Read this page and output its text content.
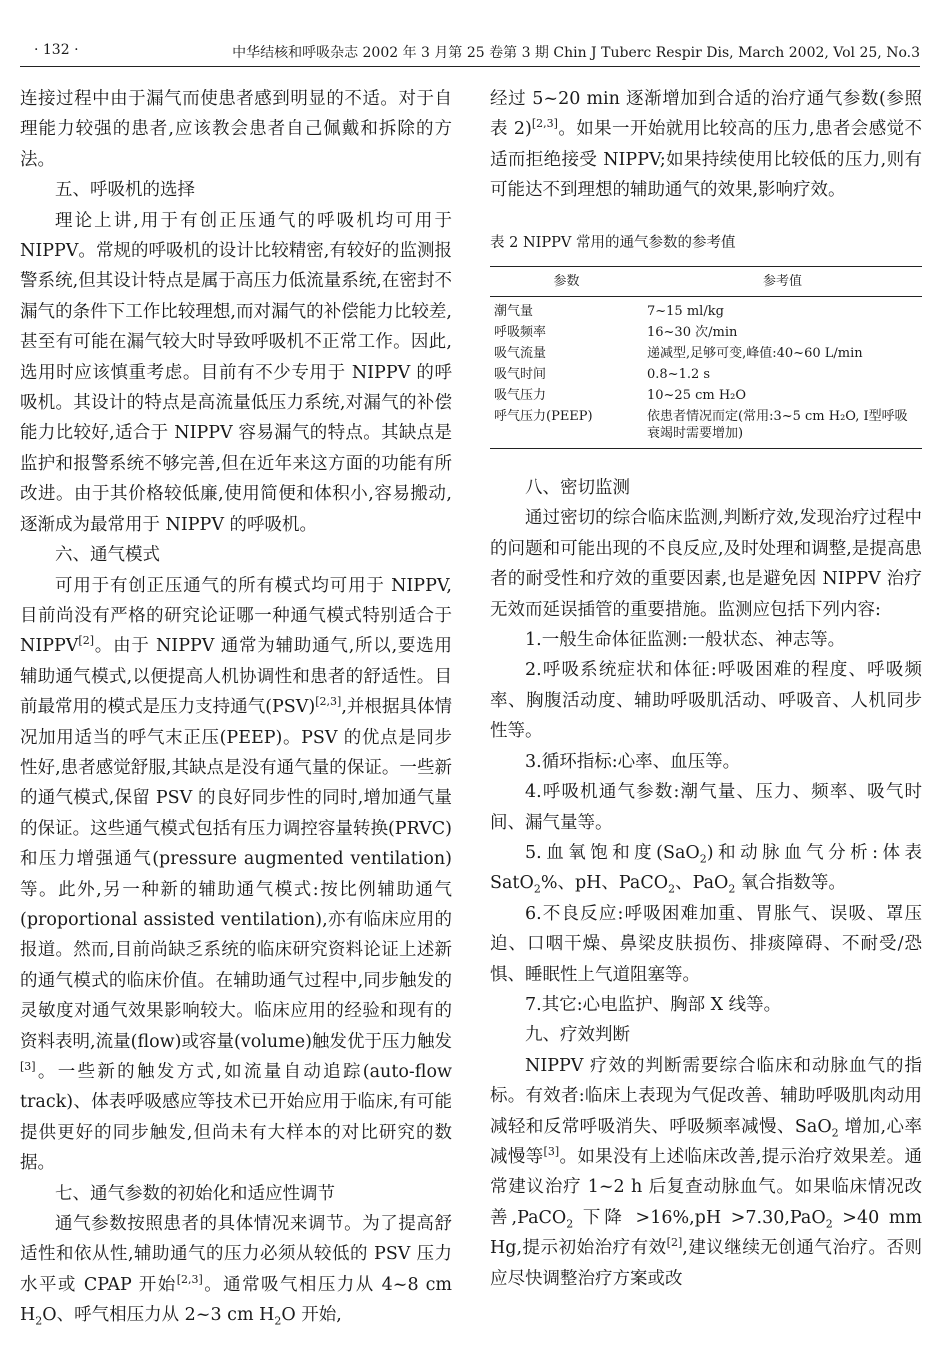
· 132 ·	中华结核和呼吸杂志 2002 年 3 月第 25 卷第 3 期 Chin J Tuberc Respir Dis, March 2002, Vol 25, No.3

连接过程中由于漏气而使患者感到明显的不适。对于自理能力较强的患者,应该教会患者自己佩戴和拆除的方法。

五、呼吸机的选择

理论上讲,用于有创正压通气的呼吸机均可用于 NIPPV。常规的呼吸机的设计比较精密,有较好的监测报警系统,但其设计特点是属于高压力低流量系统,在密封不漏气的条件下工作比较理想,而对漏气的补偿能力比较差,甚至有可能在漏气较大时导致呼吸机不正常工作。因此,选用时应该慎重考虑。目前有不少专用于 NIPPV 的呼吸机。其设计的特点是高流量低压力系统,对漏气的补偿能力比较好,适合于 NIPPV 容易漏气的特点。其缺点是监护和报警系统不够完善,但在近年来这方面的功能有所改进。由于其价格较低廉,使用简便和体积小,容易搬动,逐渐成为最常用于 NIPPV 的呼吸机。

六、通气模式

可用于有创正压通气的所有模式均可用于 NIPPV,目前尚没有严格的研究论证哪一种通气模式特别适合于 NIPPV[2]。由于 NIPPV 通常为辅助通气,所以,要选用辅助通气模式,以便提高人机协调性和患者的舒适性。目前最常用的模式是压力支持通气(PSV)[2,3],并根据具体情况加用适当的呼气末正压(PEEP)。PSV 的优点是同步性好,患者感觉舒服,其缺点是没有通气量的保证。一些新的通气模式,保留 PSV 的良好同步性的同时,增加通气量的保证。这些通气模式包括有压力调控容量转换(PRVC)和压力增强通气(pressure augmented ventilation)等。此外,另一种新的辅助通气模式:按比例辅助通气(proportional assisted ventilation),亦有临床应用的报道。然而,目前尚缺乏系统的临床研究资料论证上述新的通气模式的临床价值。在辅助通气过程中,同步触发的灵敏度对通气效果影响较大。临床应用的经验和现有的资料表明,流量(flow)或容量(volume)触发优于压力触发[3]。一些新的触发方式,如流量自动追踪(auto-flow track)、体表呼吸感应等技术已开始应用于临床,有可能提供更好的同步触发,但尚未有大样本的对比研究的数据。

七、通气参数的初始化和适应性调节

通气参数按照患者的具体情况来调节。为了提高舒适性和依从性,辅助通气的压力必须从较低的 PSV 压力水平或 CPAP 开始[2,3]。通常吸气相压力从 4~8 cm $H_2O$、呼气相压力从 2~3 cm $H_2O$ 开始,

经过 5~20 min 逐渐增加到合适的治疗通气参数(参照表 2)[2,3]。如果一开始就用比较高的压力,患者会感觉不适而拒绝接受 NIPPV;如果持续使用比较低的压力,则有可能达不到理想的辅助通气的效果,影响疗效。

表 2 NIPPV 常用的通气参数的参考值

参数	参考值
潮气量	7~15 ml/kg
呼吸频率	16~30 次/min
吸气流量	递减型,足够可变,峰值:40~60 L/min
吸气时间	0.8~1.2 s
吸气压力	10~25 cm H₂O
呼气压力(PEEP)	依患者情况而定(常用:3~5 cm H₂O, Ⅰ型呼吸衰竭时需要增加)

八、密切监测

通过密切的综合临床监测,判断疗效,发现治疗过程中的问题和可能出现的不良反应,及时处理和调整,是提高患者的耐受性和疗效的重要因素,也是避免因 NIPPV 治疗无效而延误插管的重要措施。监测应包括下列内容:

1.一般生命体征监测:一般状态、神志等。

2.呼吸系统症状和体征:呼吸困难的程度、呼吸频率、胸腹活动度、辅助呼吸肌活动、呼吸音、人机同步性等。

3.循环指标:心率、血压等。

4.呼吸机通气参数:潮气量、压力、频率、吸气时间、漏气量等。

5.血氧饱和度(SaO$_2$)和动脉血气分析:体表 SatO$_2$%、pH、PaCO$_2$、PaO$_2$ 氧合指数等。

6.不良反应:呼吸困难加重、胃胀气、误吸、罩压迫、口咽干燥、鼻梁皮肤损伤、排痰障碍、不耐受/恐惧、睡眠性上气道阻塞等。

7.其它:心电监护、胸部 X 线等。

九、疗效判断

NIPPV 疗效的判断需要综合临床和动脉血气的指标。有效者:临床上表现为气促改善、辅助呼吸肌肉动用减轻和反常呼吸消失、呼吸频率减慢、SaO$_2$ 增加,心率减慢等[3]。如果没有上述临床改善,提示治疗效果差。通常建议治疗 1~2 h 后复查动脉血气。如果临床情况改善,PaCO$_2$ 下降 >16%,pH >7.30,PaO$_2$ >40 mm Hg,提示初始治疗有效[2],建议继续无创通气治疗。否则应尽快调整治疗方案或改
